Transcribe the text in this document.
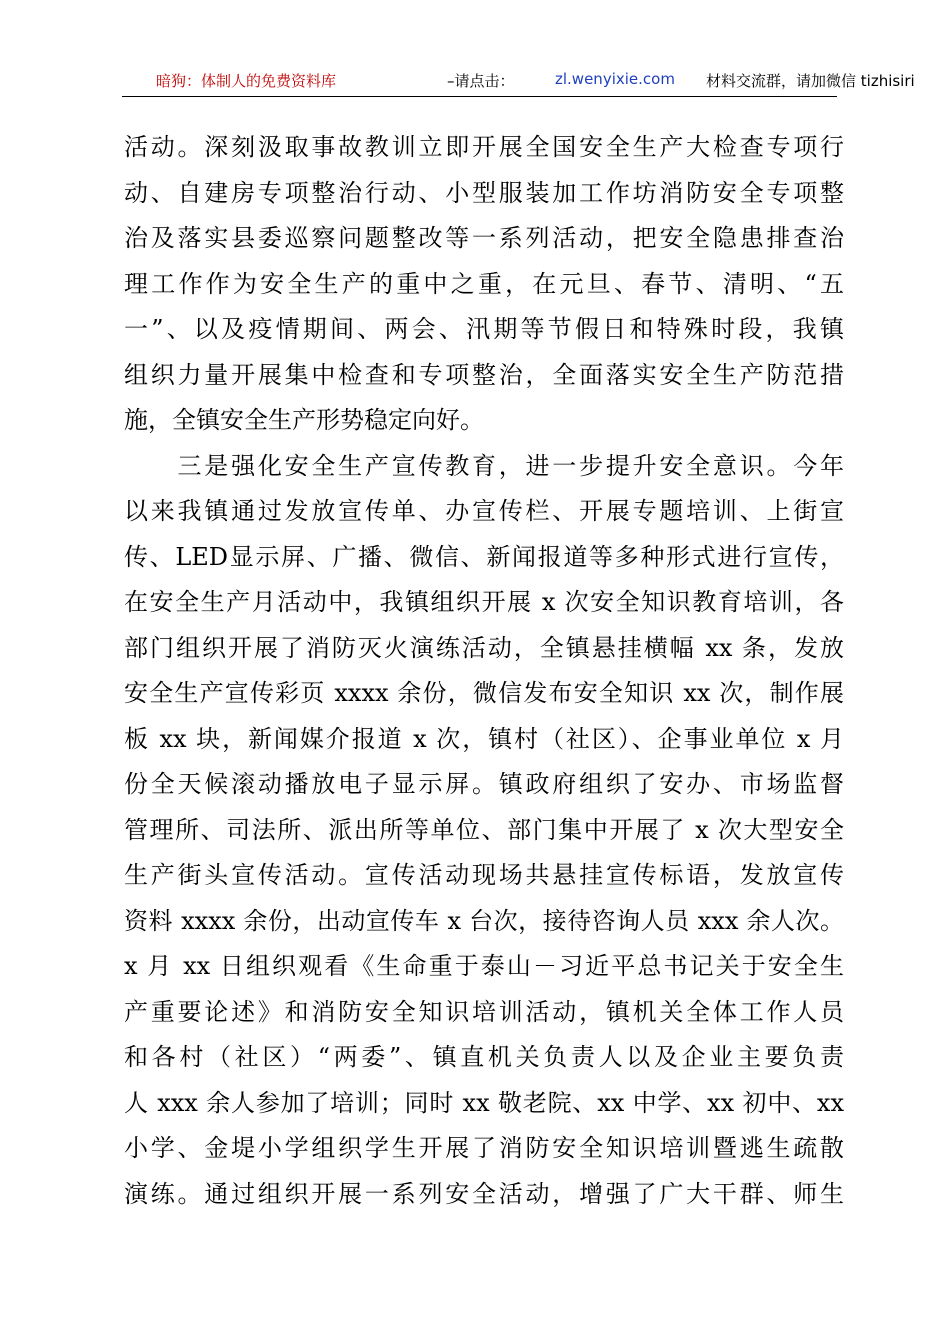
暗狗：体制人的免费资料库	–请点击：	zl.wenyixie.com 材料交流群，请加微信 tizhisiri
活动。深刻汲取事故教训立即开展全国安全生产大检查专项行
动、自建房专项整治行动、小型服装加工作坊消防安全专项整
治及落实县委巡察问题整改等一系列活动，把安全隐患排查治
理工作作为安全生产的重中之重，在元旦、春节、清明、“五
一”、以及疫情期间、两会、汛期等节假日和特殊时段，我镇
组织力量开展集中检查和专项整治，全面落实安全生产防范措
施，全镇安全生产形势稳定向好。
　　三是强化安全生产宣传教育，进一步提升安全意识。今年
以来我镇通过发放宣传单、办宣传栏、开展专题培训、上街宣
传、LED显示屏、广播、微信、新闻报道等多种形式进行宣传，
在安全生产月活动中，我镇组织开展 x 次安全知识教育培训，各
部门组织开展了消防灭火演练活动，全镇悬挂横幅 xx 条，发放
安全生产宣传彩页 xxxx 余份，微信发布安全知识 xx 次，制作展
板 xx 块，新闻媒介报道 x 次，镇村（社区）、企事业单位 x 月
份全天候滚动播放电子显示屏。镇政府组织了安办、市场监督
管理所、司法所、派出所等单位、部门集中开展了 x 次大型安全
生产街头宣传活动。宣传活动现场共悬挂宣传标语，发放宣传
资料 xxxx 余份，出动宣传车 x 台次，接待咨询人员 xxx 余人次。
x 月 xx 日组织观看《生命重于泰山－习近平总书记关于安全生
产重要论述》和消防安全知识培训活动，镇机关全体工作人员
和各村（社区）“两委”、镇直机关负责人以及企业主要负责
人 xxx 余人参加了培训；同时 xx 敬老院、xx 中学、xx 初中、xx
小学、金堤小学组织学生开展了消防安全知识培训暨逃生疏散
演练。通过组织开展一系列安全活动，增强了广大干群、师生
